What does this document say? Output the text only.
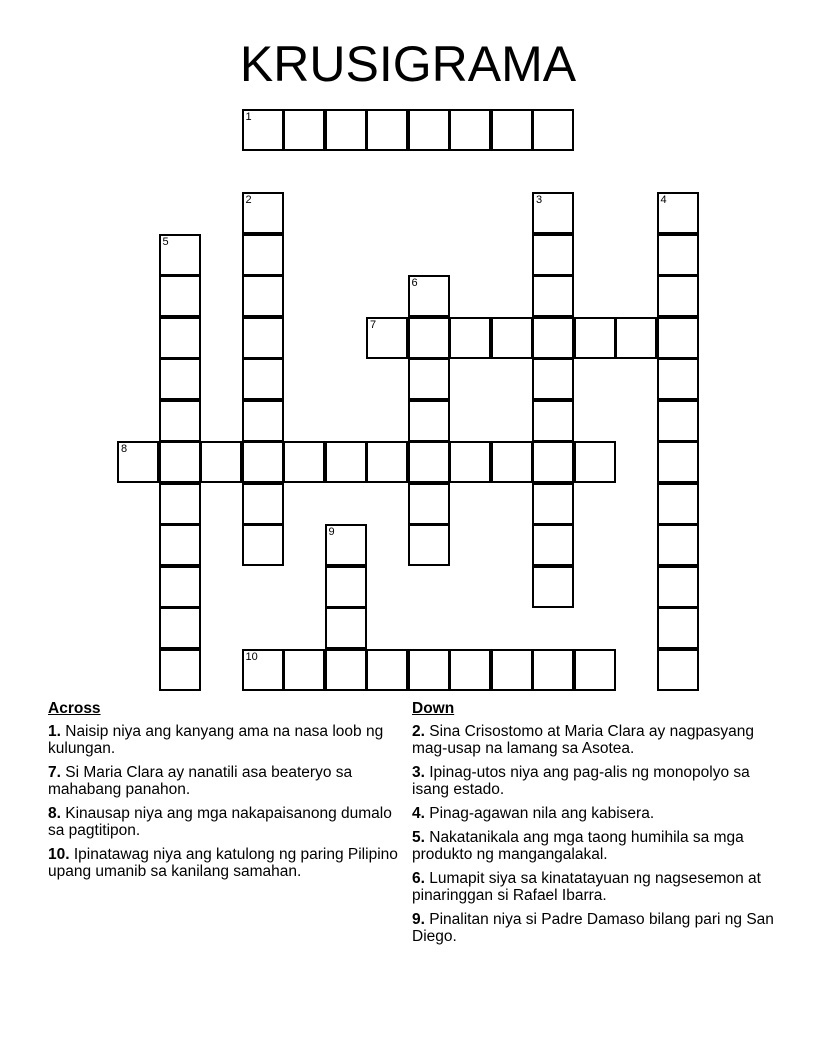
KRUSIGRAMA
1
2	3	4
5
6
7
8
9
10
Across
1. Naisip niya ang kanyang ama na nasa loob ng kulungan.
7. Si Maria Clara ay nanatili asa beateryo sa mahabang panahon.
8. Kinausap niya ang mga nakapaisanong dumalo sa pagtitipon.
10. Ipinatawag niya ang katulong ng paring Pilipino upang umanib sa kanilang samahan.
Down
2. Sina Crisostomo at Maria Clara ay nagpasyang mag-usap na lamang sa Asotea.
3. Ipinag-utos niya ang pag-alis ng monopolyo sa isang estado.
4. Pinag-agawan nila ang kabisera.
5. Nakatanikala ang mga taong humihila sa mga produkto ng mangangalakal.
6. Lumapit siya sa kinatatayuan ng nagsesemon at pinaringgan si Rafael Ibarra.
9. Pinalitan niya si Padre Damaso bilang pari ng San Diego.
